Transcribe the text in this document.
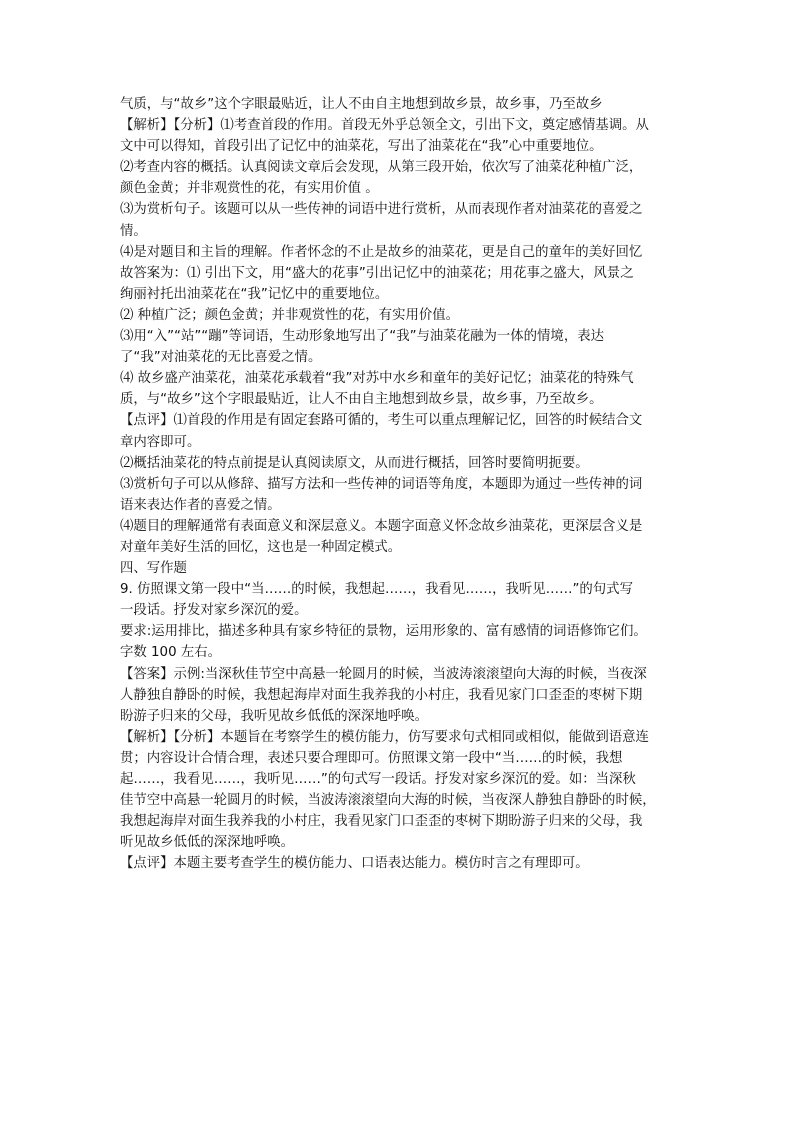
气质，与“故乡”这个字眼最贴近，让人不由自主地想到故乡景，故乡事，乃至故乡
【解析】【分析】⑴考查首段的作用。首段无外乎总领全文，引出下文，奠定感情基调。从
文中可以得知，首段引出了记忆中的油菜花，写出了油菜花在“我”心中重要地位。
⑵考查内容的概括。认真阅读文章后会发现，从第三段开始，依次写了油菜花种植广泛，
颜色金黄；并非观赏性的花，有实用价值 。
⑶为赏析句子。该题可以从一些传神的词语中进行赏析，从而表现作者对油菜花的喜爱之
情。
⑷是对题目和主旨的理解。作者怀念的不止是故乡的油菜花，更是自己的童年的美好回忆
故答案为：⑴ 引出下文，用“盛大的花事”引出记忆中的油菜花；用花事之盛大，风景之
绚丽衬托出油菜花在“我”记忆中的重要地位。
⑵ 种植广泛；颜色金黄；并非观赏性的花，有实用价值。
⑶用“入”“站”“蹦”等词语，生动形象地写出了“我”与油菜花融为一体的情境，表达
了“我”对油菜花的无比喜爱之情。
⑷ 故乡盛产油菜花，油菜花承载着“我”对苏中水乡和童年的美好记忆；油菜花的特殊气
质，与“故乡”这个字眼最贴近，让人不由自主地想到故乡景，故乡事，乃至故乡。
【点评】⑴首段的作用是有固定套路可循的，考生可以重点理解记忆，回答的时候结合文
章内容即可。
⑵概括油菜花的特点前提是认真阅读原文，从而进行概括，回答时要简明扼要。
⑶赏析句子可以从修辞、描写方法和一些传神的词语等角度，本题即为通过一些传神的词
语来表达作者的喜爱之情。
⑷题目的理解通常有表面意义和深层意义。本题字面意义怀念故乡油菜花，更深层含义是
对童年美好生活的回忆，这也是一种固定模式。
四、写作题
9. 仿照课文第一段中“当……的时候，我想起……，我看见……，我听见……”的句式写
一段话。抒发对家乡深沉的爱。
要求:运用排比，描述多种具有家乡特征的景物，运用形象的、富有感情的词语修饰它们。
字数 100 左右。
【答案】示例:当深秋佳节空中高悬一轮圆月的时候，当波涛滚滚望向大海的时候，当夜深
人静独自静卧的时候，我想起海岸对面生我养我的小村庄，我看见家门口歪歪的枣树下期
盼游子归来的父母，我听见故乡低低的深深地呼唤。
【解析】【分析】本题旨在考察学生的模仿能力，仿写要求句式相同或相似，能做到语意连
贯；内容设计合情合理，表述只要合理即可。仿照课文第一段中“当……的时候，我想
起……，我看见……，我听见……”的句式写一段话。抒发对家乡深沉的爱。如：当深秋
佳节空中高悬一轮圆月的时候，当波涛滚滚望向大海的时候，当夜深人静独自静卧的时候，
我想起海岸对面生我养我的小村庄，我看见家门口歪歪的枣树下期盼游子归来的父母，我
听见故乡低低的深深地呼唤。
【点评】本题主要考查学生的模仿能力、口语表达能力。模仿时言之有理即可。
